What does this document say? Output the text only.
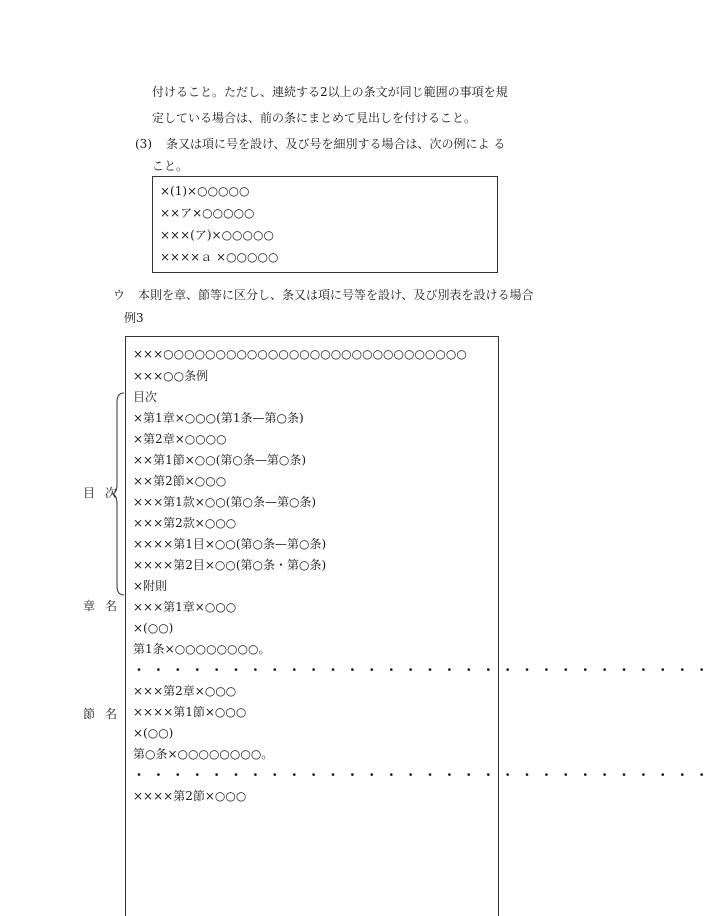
付けること。ただし、連続する2以上の条文が同じ範囲の事項を規
定している場合は、前の条にまとめて見出しを付けること。
(3) 条又は項に号を設け、及び号を細別する場合は、次の例によ る
こと。
×(1)×○○○○○
××ア×○○○○○
×××(ア)×○○○○○
××××ａ ×○○○○○
ウ 本則を章、節等に区分し、条又は項に号等を設け、及び別表を設ける場合
例3
目次
章名
節名
×××○○○○○○○○○○○○○○○○○○○○○○○○○○○○○
×××○○条例
目次
×第1章×○○○(第1条—第○条)
×第2章×○○○○
××第1節×○○(第○条—第○条)
××第2節×○○○
×××第1款×○○(第○条—第○条)
×××第2款×○○○
××××第1目×○○(第○条—第○条)
××××第2目×○○(第○条・第○条)
×附則
×××第1章×○○○
×(○○)
第1条×○○○○○○○○。
・・・・・・・・・・・・・・・・・・・・・・・・・・・・・・
×××第2章×○○○
××××第1節×○○○
×(○○)
第○条×○○○○○○○○。
・・・・・・・・・・・・・・・・・・・・・・・・・・・・・・
××××第2節×○○○
